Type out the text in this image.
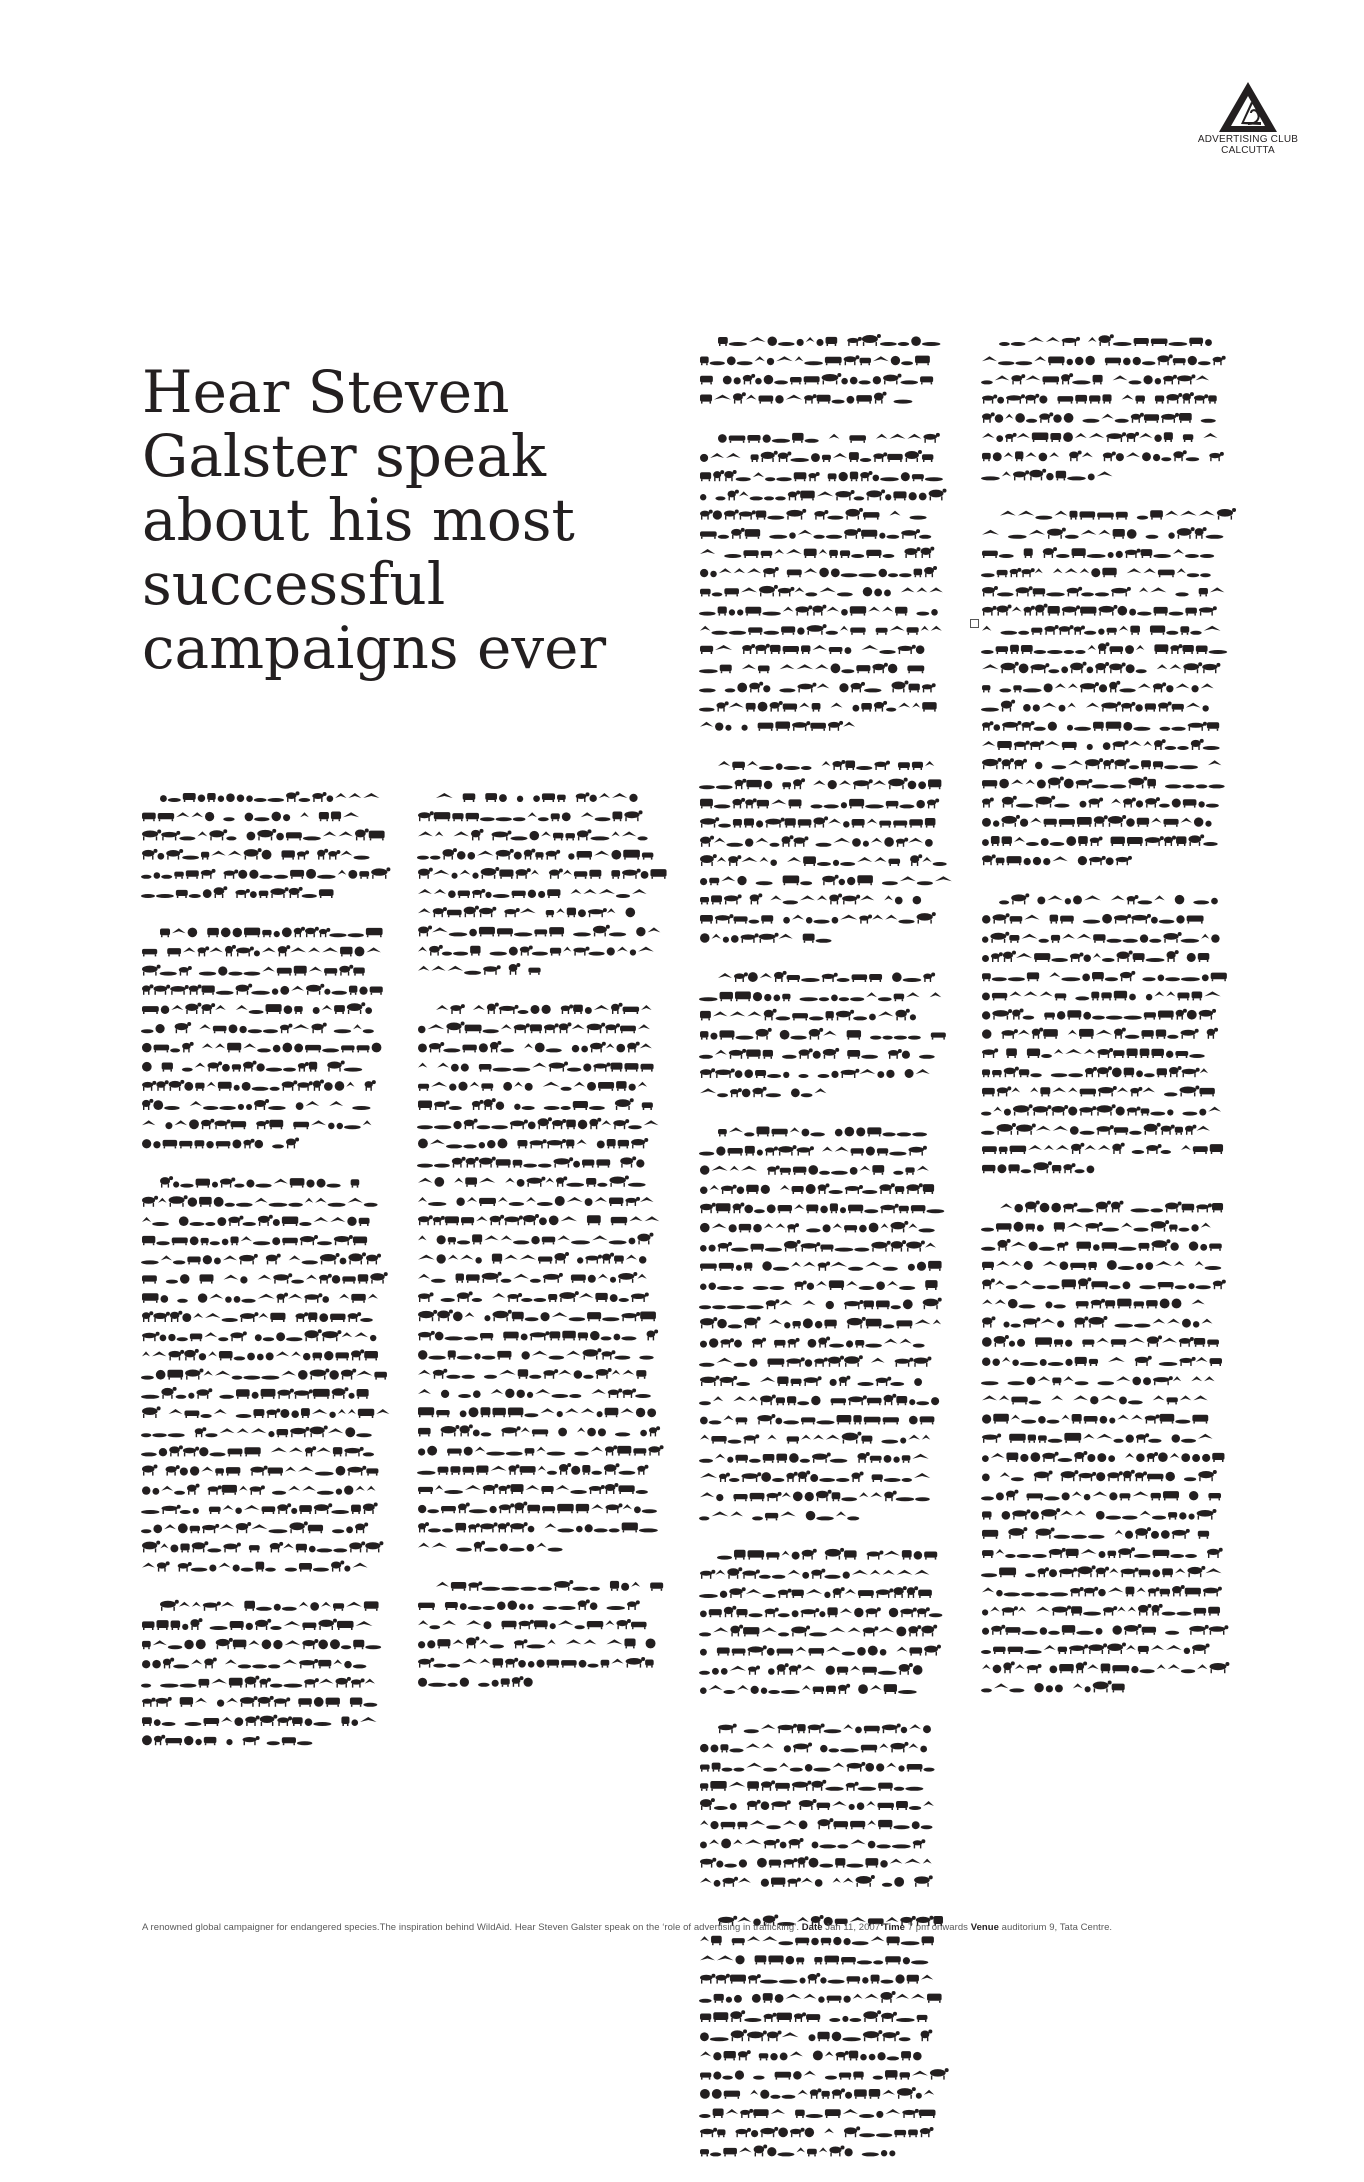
ADVERTISING CLUB
CALCUTTA
Hear Steven
Galster speak
about his most
successful
campaigns ever
A renowned global campaigner for endangered species.The inspiration behind WildAid. Hear Steven Galster speak on the ‘role of advertising in trafficking’. Date Jan 11, 2007 Time 7 pm onwards Venue auditorium 9, Tata Centre.
